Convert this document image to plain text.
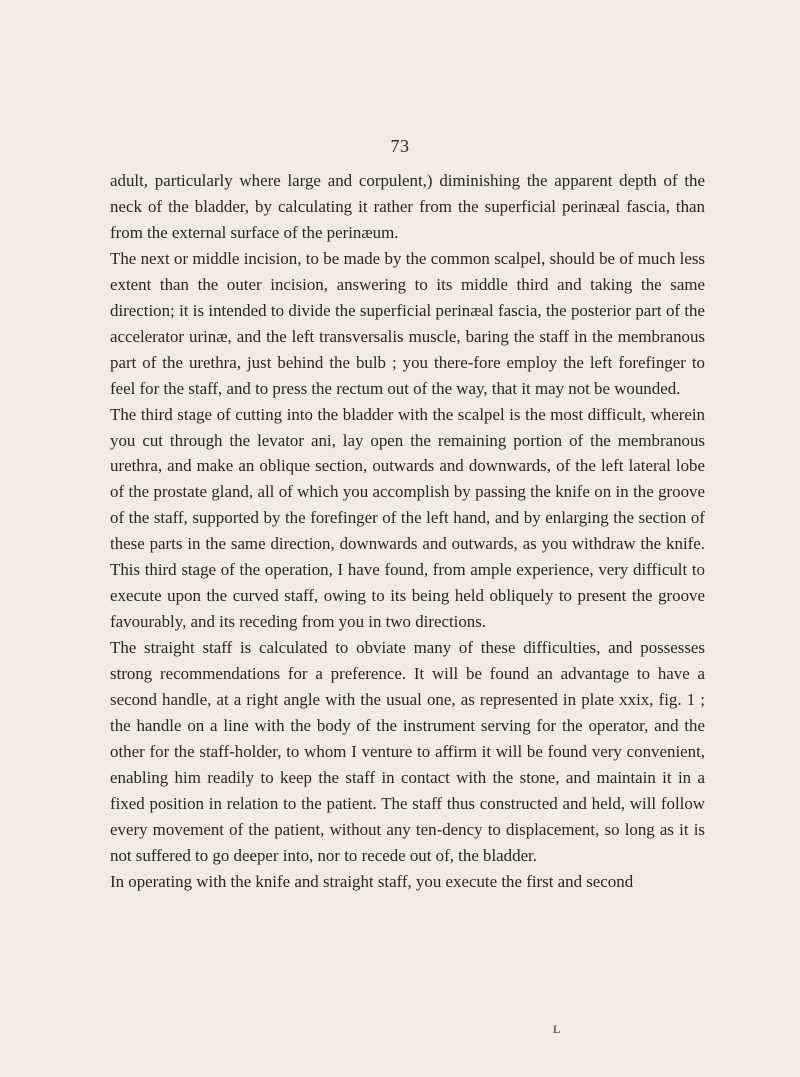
73

adult, particularly where large and corpulent,) diminishing the apparent depth of the neck of the bladder, by calculating it rather from the superficial perinæal fascia, than from the external surface of the perinæum.

The next or middle incision, to be made by the common scalpel, should be of much less extent than the outer incision, answering to its middle third and taking the same direction; it is intended to divide the superficial perinæal fascia, the posterior part of the accelerator urinæ, and the left transversalis muscle, baring the staff in the membranous part of the urethra, just behind the bulb ; you there-fore employ the left forefinger to feel for the staff, and to press the rectum out of the way, that it may not be wounded.

The third stage of cutting into the bladder with the scalpel is the most difficult, wherein you cut through the levator ani, lay open the remaining portion of the membranous urethra, and make an oblique section, outwards and downwards, of the left lateral lobe of the prostate gland, all of which you accomplish by passing the knife on in the groove of the staff, supported by the forefinger of the left hand, and by enlarging the section of these parts in the same direction, downwards and outwards, as you withdraw the knife. This third stage of the operation, I have found, from ample experience, very difficult to execute upon the curved staff, owing to its being held obliquely to present the groove favourably, and its receding from you in two directions.

The straight staff is calculated to obviate many of these difficulties, and possesses strong recommendations for a preference. It will be found an advantage to have a second handle, at a right angle with the usual one, as represented in plate xxix, fig. 1 ; the handle on a line with the body of the instrument serving for the operator, and the other for the staff-holder, to whom I venture to affirm it will be found very convenient, enabling him readily to keep the staff in contact with the stone, and maintain it in a fixed position in relation to the patient. The staff thus constructed and held, will follow every movement of the patient, without any ten-dency to displacement, so long as it is not suffered to go deeper into, nor to recede out of, the bladder.

In operating with the knife and straight staff, you execute the first and second

L
